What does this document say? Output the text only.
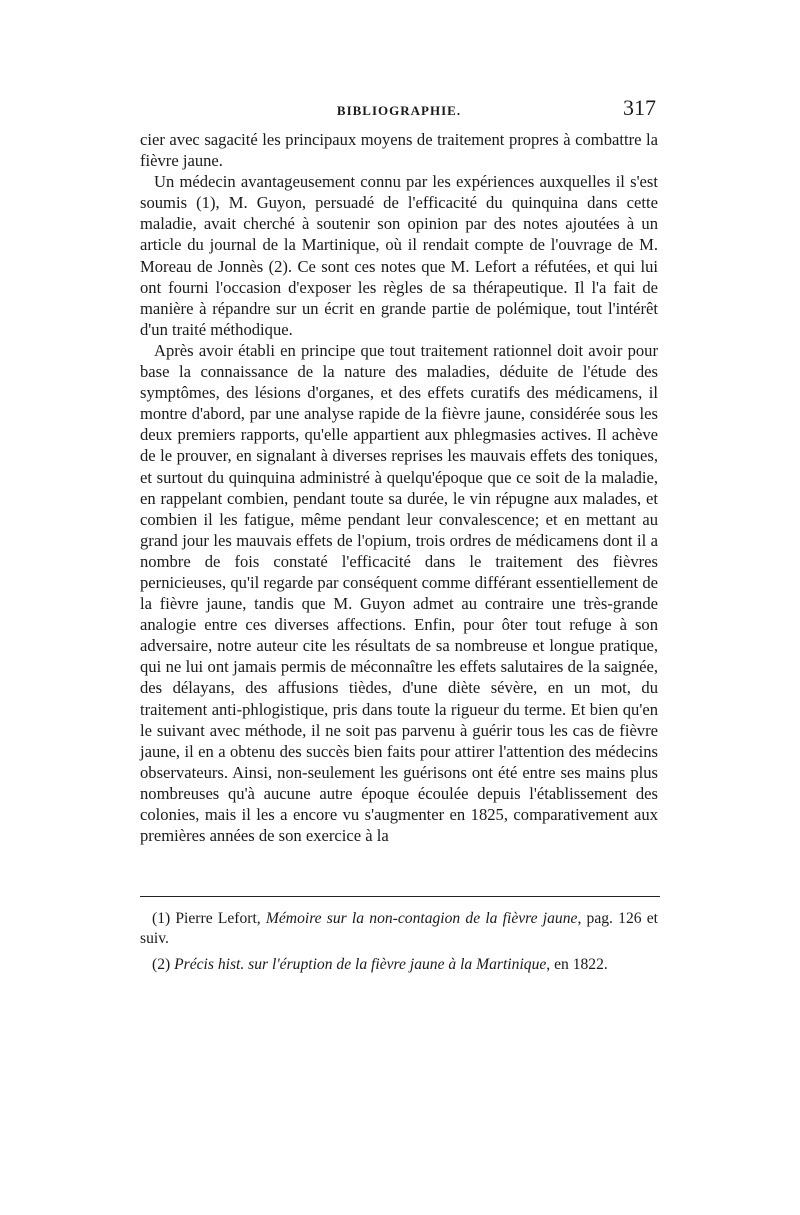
BIBLIOGRAPHIE.	317

cier avec sagacité les principaux moyens de traitement propres à combattre la fièvre jaune.

Un médecin avantageusement connu par les expériences auxquelles il s'est soumis (1), M. Guyon, persuadé de l'efficacité du quinquina dans cette maladie, avait cherché à soutenir son opinion par des notes ajoutées à un article du journal de la Martinique, où il rendait compte de l'ouvrage de M. Moreau de Jonnès (2). Ce sont ces notes que M. Lefort a réfutées, et qui lui ont fourni l'occasion d'exposer les règles de sa thérapeutique. Il l'a fait de manière à répandre sur un écrit en grande partie de polémique, tout l'intérêt d'un traité méthodique.

Après avoir établi en principe que tout traitement rationnel doit avoir pour base la connaissance de la nature des maladies, déduite de l'étude des symptômes, des lésions d'organes, et des effets curatifs des médicamens, il montre d'abord, par une analyse rapide de la fièvre jaune, considérée sous les deux premiers rapports, qu'elle appartient aux phlegmasies actives. Il achève de le prouver, en signalant à diverses reprises les mauvais effets des toniques, et surtout du quinquina administré à quelqu'époque que ce soit de la maladie, en rappelant combien, pendant toute sa durée, le vin répugne aux malades, et combien il les fatigue, même pendant leur convalescence; et en mettant au grand jour les mauvais effets de l'opium, trois ordres de médicamens dont il a nombre de fois constaté l'efficacité dans le traitement des fièvres pernicieuses, qu'il regarde par conséquent comme différant essentiellement de la fièvre jaune, tandis que M. Guyon admet au contraire une très-grande analogie entre ces diverses affections. Enfin, pour ôter tout refuge à son adversaire, notre auteur cite les résultats de sa nombreuse et longue pratique, qui ne lui ont jamais permis de méconnaître les effets salutaires de la saignée, des délayans, des affusions tièdes, d'une diète sévère, en un mot, du traitement anti-phlogistique, pris dans toute la rigueur du terme. Et bien qu'en le suivant avec méthode, il ne soit pas parvenu à guérir tous les cas de fièvre jaune, il en a obtenu des succès bien faits pour attirer l'attention des médecins observateurs. Ainsi, non-seulement les guérisons ont été entre ses mains plus nombreuses qu'à aucune autre époque écoulée depuis l'établissement des colonies, mais il les a encore vu s'augmenter en 1825, comparativement aux premières années de son exercice à la

(1) Pierre Lefort, Mémoire sur la non-contagion de la fièvre jaune, pag. 126 et suiv.

(2) Précis hist. sur l'éruption de la fièvre jaune à la Martinique, en 1822.
